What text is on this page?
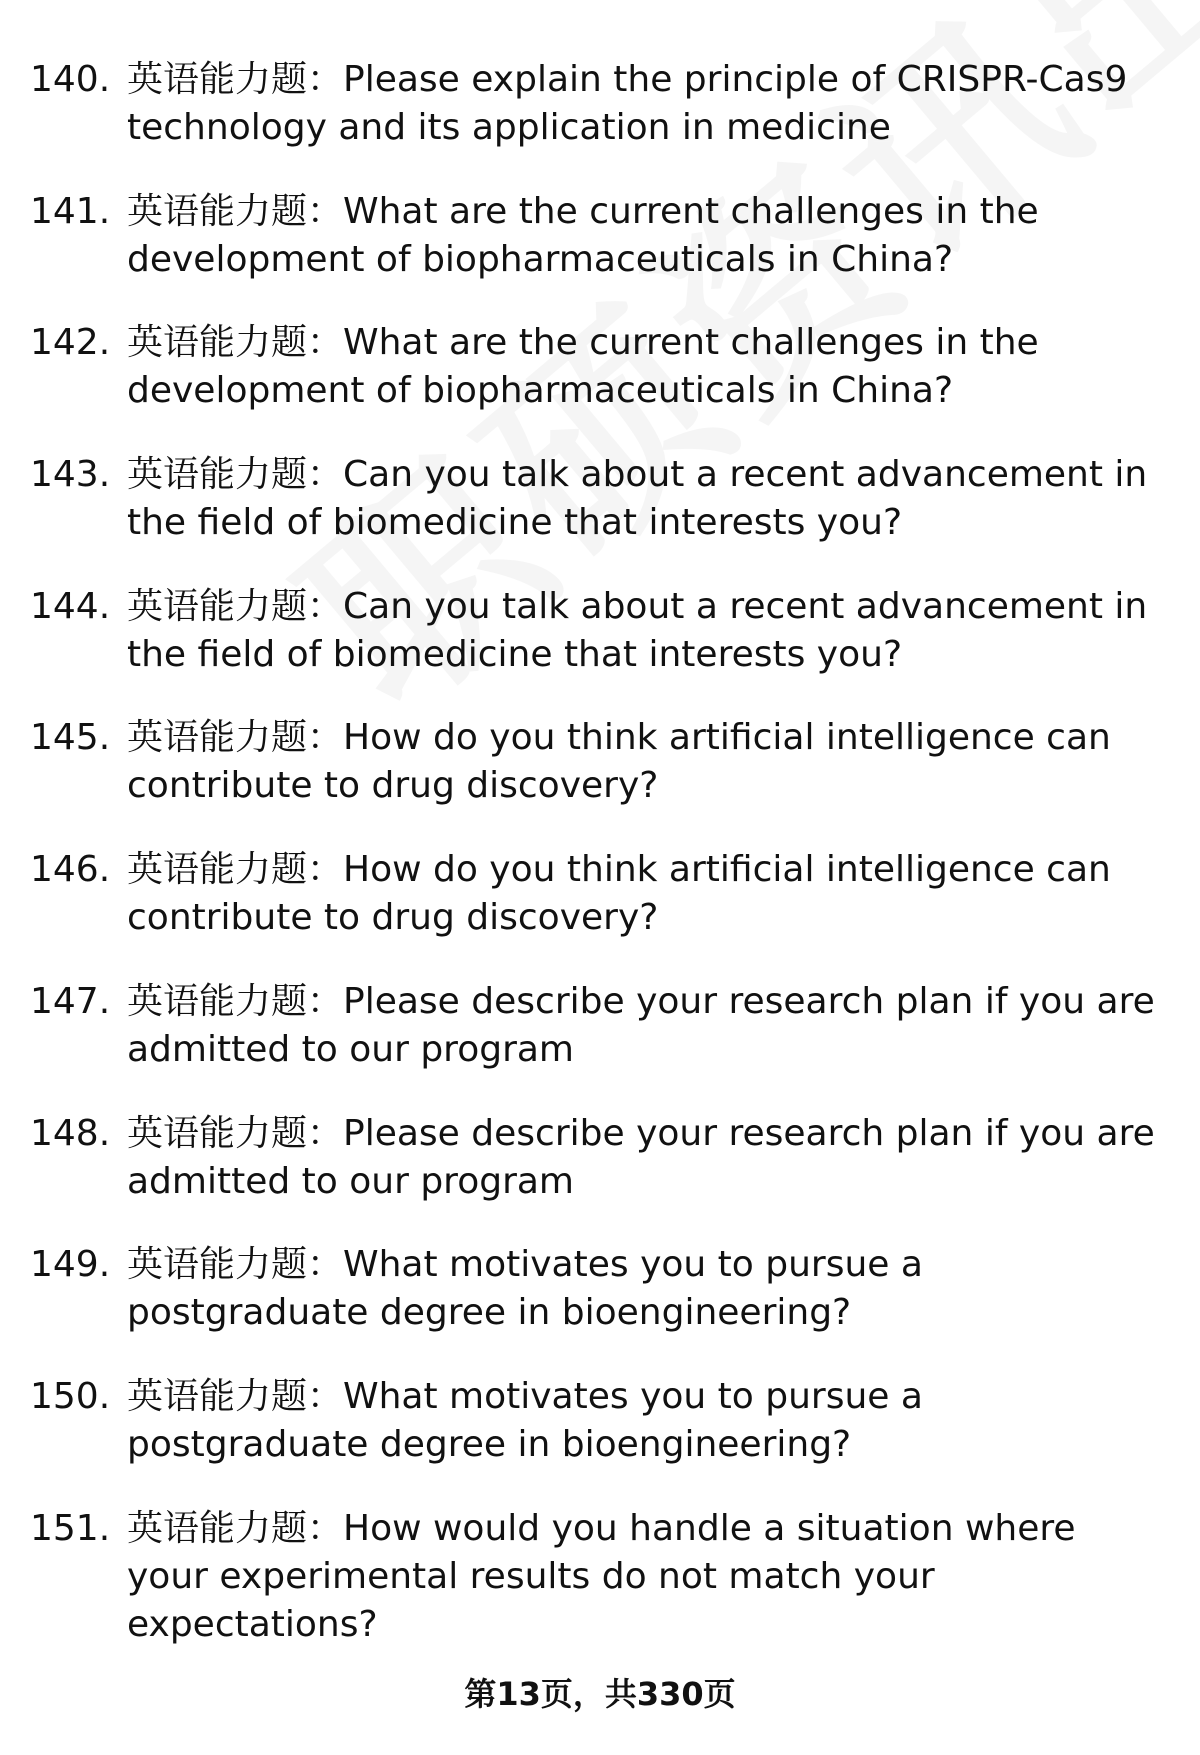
140. 英语能力题：Please explain the principle of CRISPR-Cas9 technology and its application in medicine

141. 英语能力题：What are the current challenges in the development of biopharmaceuticals in China?

142. 英语能力题：What are the current challenges in the development of biopharmaceuticals in China?

143. 英语能力题：Can you talk about a recent advancement in the field of biomedicine that interests you?

144. 英语能力题：Can you talk about a recent advancement in the field of biomedicine that interests you?

145. 英语能力题：How do you think artificial intelligence can contribute to drug discovery?

146. 英语能力题：How do you think artificial intelligence can contribute to drug discovery?

147. 英语能力题：Please describe your research plan if you are admitted to our program

148. 英语能力题：Please describe your research plan if you are admitted to our program

149. 英语能力题：What motivates you to pursue a postgraduate degree in bioengineering?

150. 英语能力题：What motivates you to pursue a postgraduate degree in bioengineering?

151. 英语能力题：How would you handle a situation where your experimental results do not match your expectations?

第13页，共330页
